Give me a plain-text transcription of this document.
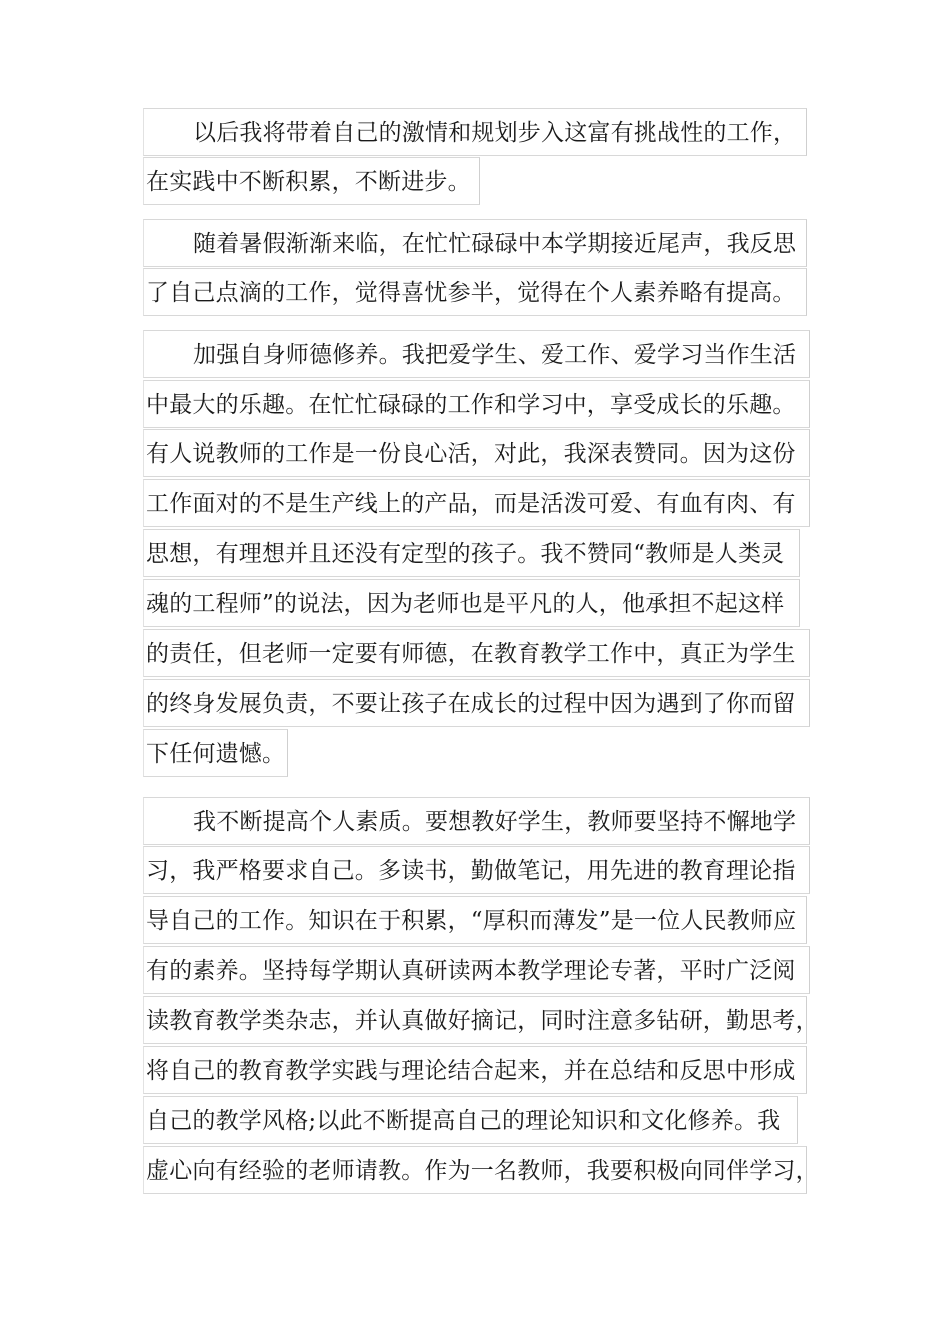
以后我将带着自己的激情和规划步入这富有挑战性的工作，
在实践中不断积累，不断进步。
随着暑假渐渐来临，在忙忙碌碌中本学期接近尾声，我反思
了自己点滴的工作，觉得喜忧参半，觉得在个人素养略有提高。
加强自身师德修养。我把爱学生、爱工作、爱学习当作生活
中最大的乐趣。在忙忙碌碌的工作和学习中，享受成长的乐趣。
有人说教师的工作是一份良心活，对此，我深表赞同。因为这份
工作面对的不是生产线上的产品，而是活泼可爱、有血有肉、有
思想，有理想并且还没有定型的孩子。我不赞同“教师是人类灵
魂的工程师”的说法，因为老师也是平凡的人，他承担不起这样
的责任，但老师一定要有师德，在教育教学工作中，真正为学生
的终身发展负责，不要让孩子在成长的过程中因为遇到了你而留
下任何遗憾。
我不断提高个人素质。要想教好学生，教师要坚持不懈地学
习，我严格要求自己。多读书，勤做笔记，用先进的教育理论指
导自己的工作。知识在于积累，“厚积而薄发”是一位人民教师应
有的素养。坚持每学期认真研读两本教学理论专著，平时广泛阅
读教育教学类杂志，并认真做好摘记，同时注意多钻研，勤思考，
将自己的教育教学实践与理论结合起来，并在总结和反思中形成
自己的教学风格;以此不断提高自己的理论知识和文化修养。我
虚心向有经验的老师请教。作为一名教师，我要积极向同伴学习，
